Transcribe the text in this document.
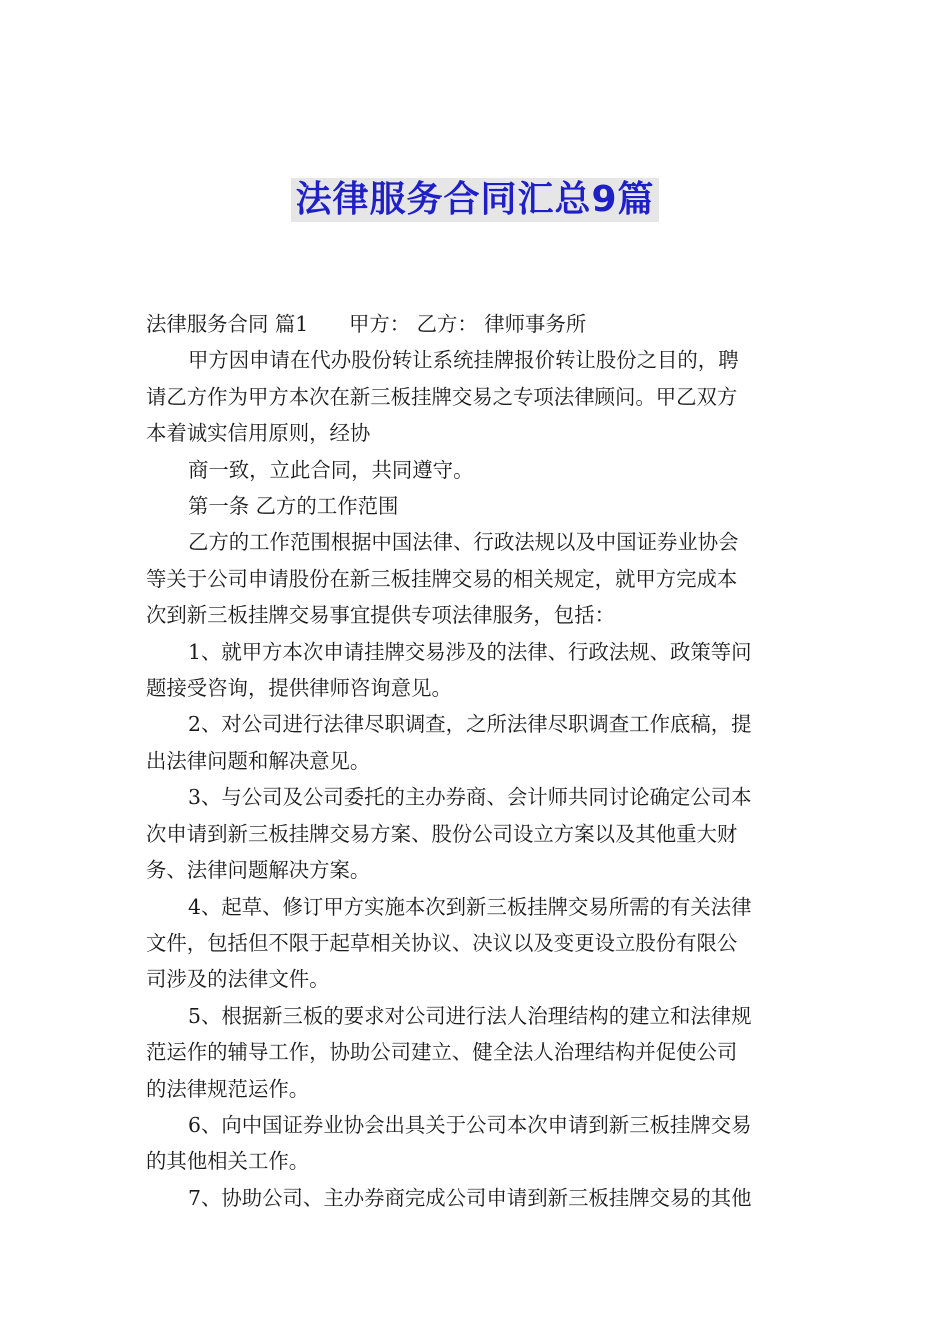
法律服务合同汇总9篇

法律服务合同 篇1　　甲方： 乙方： 律师事务所

甲方因申请在代办股份转让系统挂牌报价转让股份之目的，聘

请乙方作为甲方本次在新三板挂牌交易之专项法律顾问。甲乙双方

本着诚实信用原则，经协

商一致，立此合同，共同遵守。

第一条 乙方的工作范围

乙方的工作范围根据中国法律、行政法规以及中国证券业协会

等关于公司申请股份在新三板挂牌交易的相关规定，就甲方完成本

次到新三板挂牌交易事宜提供专项法律服务，包括：

1、就甲方本次申请挂牌交易涉及的法律、行政法规、政策等问

题接受咨询，提供律师咨询意见。

2、对公司进行法律尽职调查，之所法律尽职调查工作底稿，提

出法律问题和解决意见。

3、与公司及公司委托的主办券商、会计师共同讨论确定公司本

次申请到新三板挂牌交易方案、股份公司设立方案以及其他重大财

务、法律问题解决方案。

4、起草、修订甲方实施本次到新三板挂牌交易所需的有关法律

文件，包括但不限于起草相关协议、决议以及变更设立股份有限公

司涉及的法律文件。

5、根据新三板的要求对公司进行法人治理结构的建立和法律规

范运作的辅导工作，协助公司建立、健全法人治理结构并促使公司

的法律规范运作。

6、向中国证券业协会出具关于公司本次申请到新三板挂牌交易

的其他相关工作。

7、协助公司、主办券商完成公司申请到新三板挂牌交易的其他
